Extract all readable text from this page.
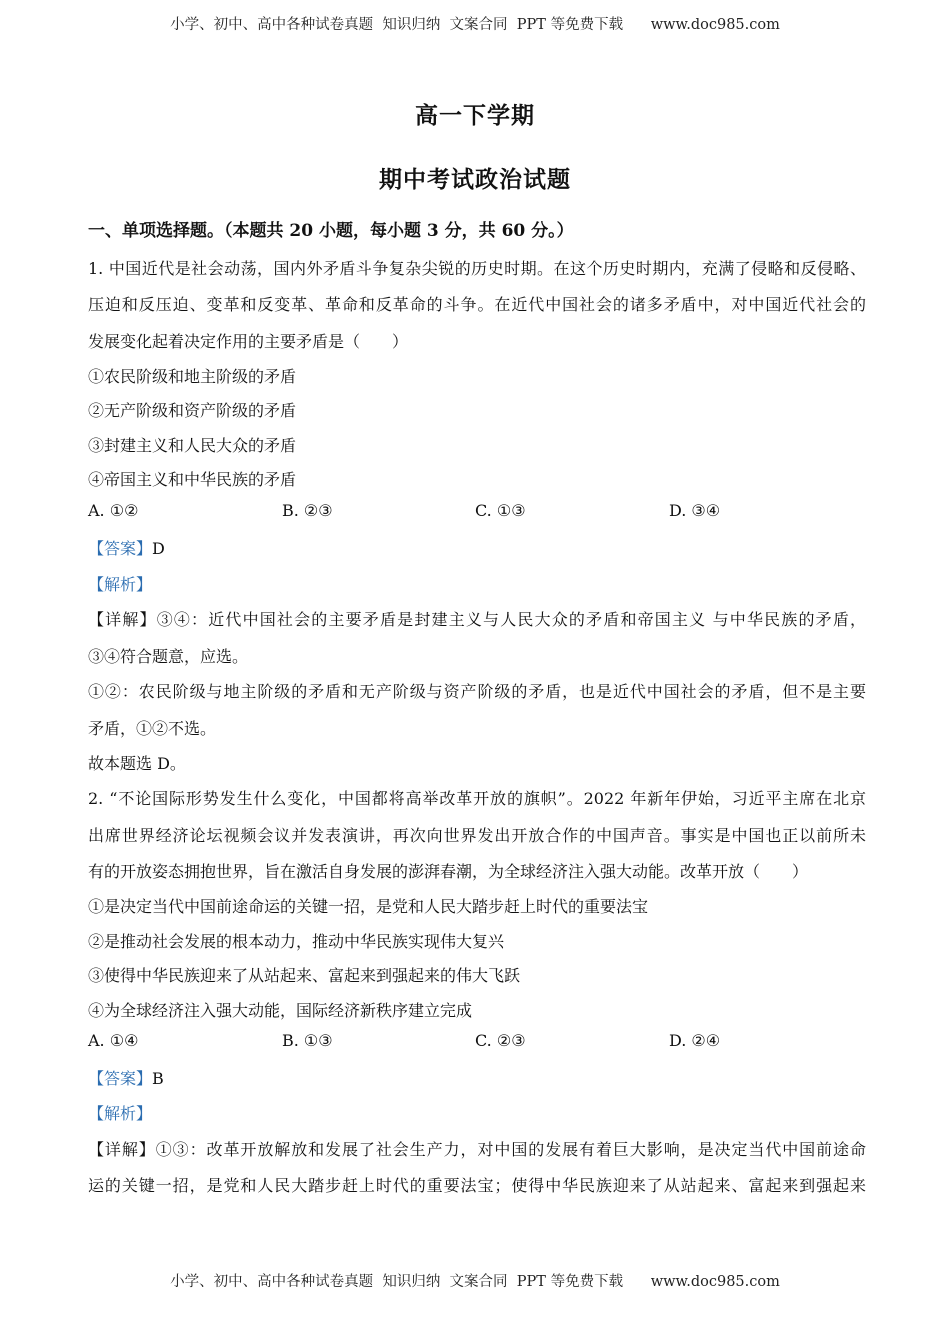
小学、初中、高中各种试卷真题  知识归纳  文案合同  PPT 等免费下载      www.doc985.com
高一下学期
期中考试政治试题
一、单项选择题。（本题共 20 小题，每小题 3 分，共 60 分。）
1. 中国近代是社会动荡，国内外矛盾斗争复杂尖锐的历史时期。在这个历史时期内，充满了侵略和反侵略、
压迫和反压迫、变革和反变革、革命和反革命的斗争。在近代中国社会的诸多矛盾中，对中国近代社会的
发展变化起着决定作用的主要矛盾是（　　）
①农民阶级和地主阶级的矛盾
②无产阶级和资产阶级的矛盾
③封建主义和人民大众的矛盾
④帝国主义和中华民族的矛盾
A. ①②	B. ②③	C. ①③	D. ③④
【答案】D
【解析】
【详解】③④：近代中国社会的主要矛盾是封建主义与人民大众的矛盾和帝国主义 与中华民族的矛盾，
③④符合题意，应选。
①②：农民阶级与地主阶级的矛盾和无产阶级与资产阶级的矛盾，也是近代中国社会的矛盾，但不是主要
矛盾，①②不选。
故本题选 D。
2. “不论国际形势发生什么变化，中国都将高举改革开放的旗帜”。2022 年新年伊始，习近平主席在北京
出席世界经济论坛视频会议并发表演讲，再次向世界发出开放合作的中国声音。事实是中国也正以前所未
有的开放姿态拥抱世界，旨在激活自身发展的澎湃春潮，为全球经济注入强大动能。改革开放（　　）
①是决定当代中国前途命运的关键一招，是党和人民大踏步赶上时代的重要法宝
②是推动社会发展的根本动力，推动中华民族实现伟大复兴
③使得中华民族迎来了从站起来、富起来到强起来的伟大飞跃
④为全球经济注入强大动能，国际经济新秩序建立完成
A. ①④	B. ①③	C. ②③	D. ②④
【答案】B
【解析】
【详解】①③：改革开放解放和发展了社会生产力，对中国的发展有着巨大影响，是决定当代中国前途命
运的关键一招，是党和人民大踏步赶上时代的重要法宝；使得中华民族迎来了从站起来、富起来到强起来
小学、初中、高中各种试卷真题  知识归纳  文案合同  PPT 等免费下载      www.doc985.com
